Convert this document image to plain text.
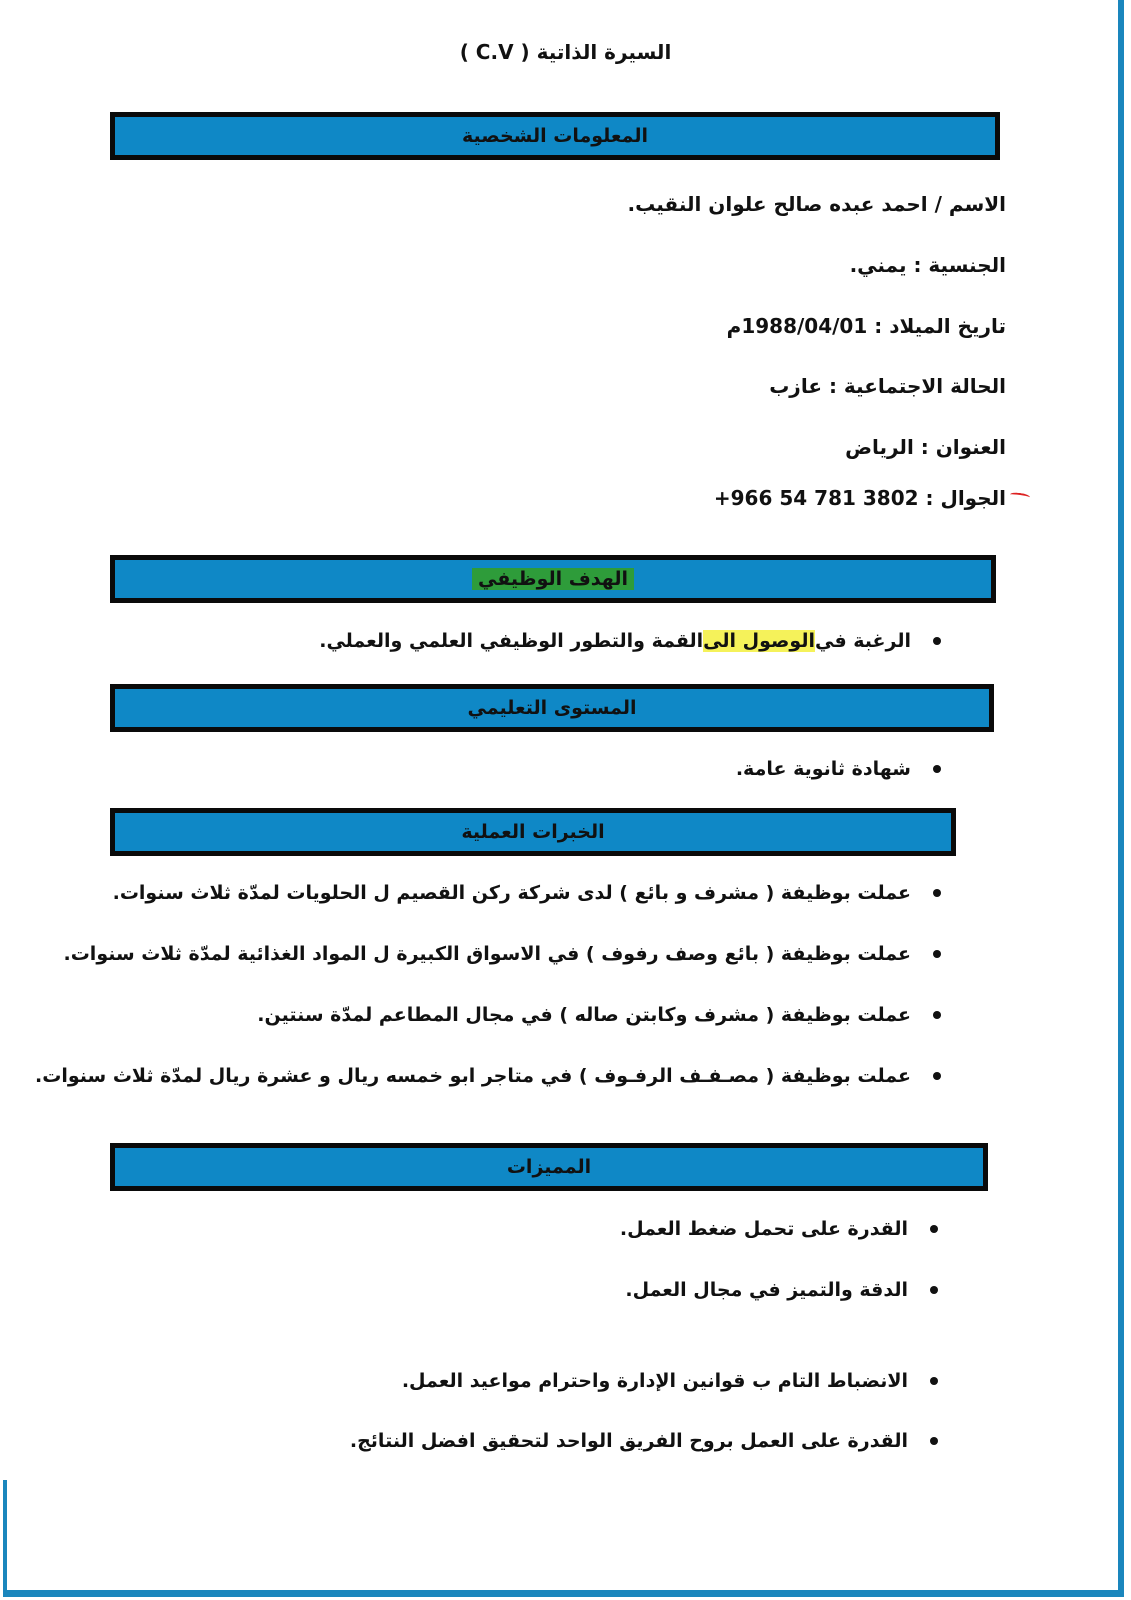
السيرة الذاتية ( C.V )
المعلومات الشخصية
الاسم / احمد عبده صالح علوان النقيب.
الجنسية : يمني.
تاريخ الميلاد : 1988/04/01م
الحالة الاجتماعية : عازب
العنوان : الرياض
الجوال : 3802 781 54 966+
الهدف الوظيفي
الرغبة في
الوصول الى
القمة والتطور الوظيفي العلمي والعملي.
المستوى التعليمي
شهادة ثانوية عامة.
الخبرات العملية
عملت بوظيفة ( مشرف و بائع ) لدى شركة ركن القصيم ل الحلويات لمدّة ثلاث سنوات.
عملت بوظيفة ( بائع وصف رفوف ) في الاسواق الكبيرة ل المواد الغذائية لمدّة ثلاث سنوات.
عملت بوظيفة ( مشرف وكابتن صاله ) في مجال المطاعم لمدّة سنتين.
عملت بوظيفة ( مصـفـف الرفـوف ) في متاجر ابو خمسه ريال و عشرة ريال لمدّة ثلاث سنوات.
المميزات
القدرة على تحمل ضغط العمل.
الدقة والتميز في مجال العمل.
الانضباط التام ب قوانين الإدارة واحترام مواعيد العمل.
القدرة على العمل بروح الفريق الواحد لتحقيق افضل النتائج.
